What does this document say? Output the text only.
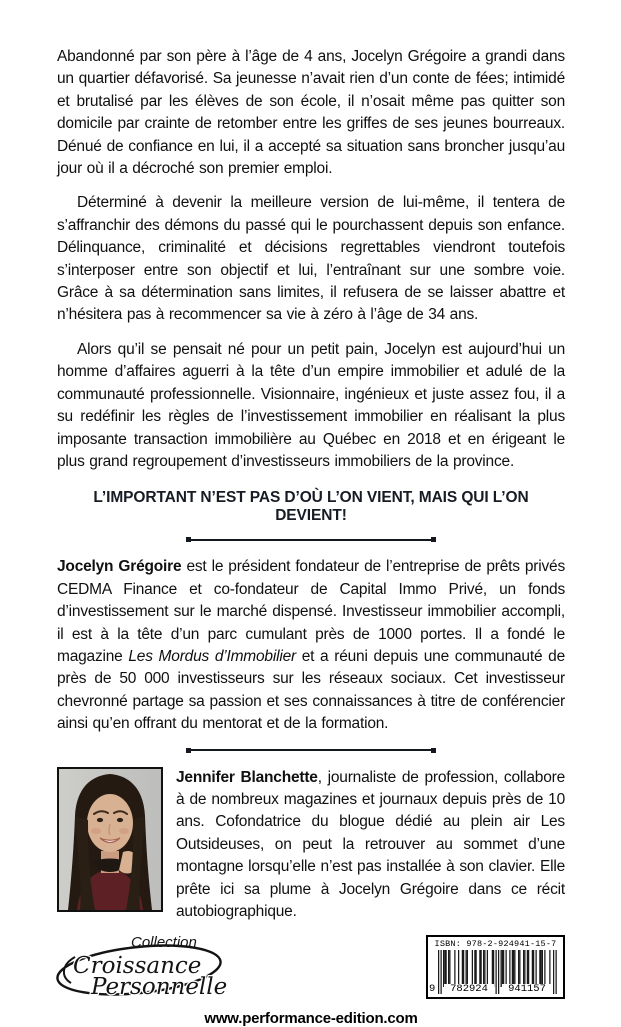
Abandonné par son père à l’âge de 4 ans, Jocelyn Grégoire a grandi dans un quartier défavorisé. Sa jeunesse n’avait rien d’un conte de fées; intimidé et brutalisé par les élèves de son école, il n’osait même pas quitter son domicile par crainte de retomber entre les griffes de ses jeunes bourreaux. Dénué de confiance en lui, il a accepté sa situation sans broncher jusqu’au jour où il a décroché son premier emploi.

Déterminé à devenir la meilleure version de lui-même, il tentera de s’affranchir des démons du passé qui le pourchassent depuis son enfance. Délinquance, criminalité et décisions regrettables viendront toutefois s’interposer entre son objectif et lui, l’entraînant sur une sombre voie. Grâce à sa détermination sans limites, il refusera de se laisser abattre et n’hésitera pas à recommencer sa vie à zéro à l’âge de 34 ans.

Alors qu’il se pensait né pour un petit pain, Jocelyn est aujourd’hui un homme d’affaires aguerri à la tête d’un empire immobilier et adulé de la communauté professionnelle. Visionnaire, ingénieux et juste assez fou, il a su redéfinir les règles de l’investissement immobilier en réalisant la plus imposante transaction immobilière au Québec en 2018 et en érigeant le plus grand regroupement d’investisseurs immobiliers de la province.

L’IMPORTANT N’EST PAS D’OÙ L’ON VIENT, MAIS QUI L’ON DEVIENT!

Jocelyn Grégoire est le président fondateur de l’entreprise de prêts privés CEDMA Finance et co-fondateur de Capital Immo Privé, un fonds d’investissement sur le marché dispensé. Investisseur immobilier accompli, il est à la tête d’un parc cumulant près de 1000 portes. Il a fondé le magazine Les Mordus d’Immobilier et a réuni depuis une communauté de près de 50 000 investisseurs sur les réseaux sociaux. Cet investisseur chevronné partage sa passion et ses connaissances à titre de conférencier ainsi qu’en offrant du mentorat et de la formation.

Jennifer Blanchette, journaliste de profession, collabore à de nombreux magazines et journaux depuis près de 10 ans. Cofondatrice du blogue dédié au plein air Les Outsideuses, on peut la retrouver au sommet d’une montagne lorsqu’elle n’est pas installée à son clavier. Elle prête ici sa plume à Jocelyn Grégoire dans ce récit autobiographique.

Collection
Croissance
Personnelle
ISBN: 978-2-924941-15-7
9	782924	941157
www.performance-edition.com
